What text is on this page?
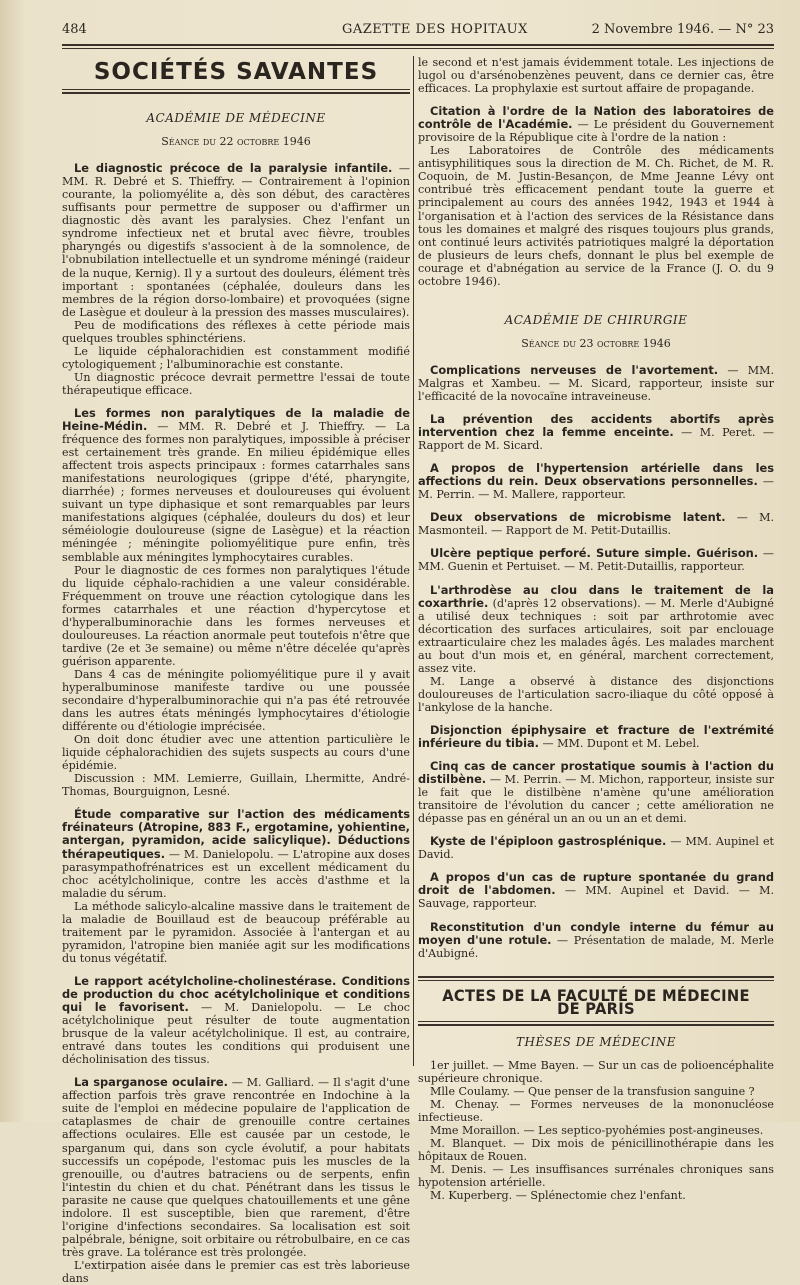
484	GAZETTE DES HOPITAUX	2 Novembre 1946. — N° 23
SOCIÉTÉS SAVANTES
ACADÉMIE DE MÉDECINE
Séance du 22 octobre 1946

Le diagnostic précoce de la paralysie infantile. — MM. R. Debré et S. Thieffry. — Contrairement à l'opinion courante, la poliomyélite a, dès son début, des caractères suffisants pour permettre de supposer ou d'affirmer un diagnostic dès avant les paralysies. Chez l'enfant un syndrome infectieux net et brutal avec fièvre, troubles pharyngés ou digestifs s'associent à de la somnolence, de l'obnubilation intellectuelle et un syndrome méningé (raideur de la nuque, Kernig). Il y a surtout des douleurs, élément très important : spontanées (céphalée, douleurs dans les membres de la région dorso-lombaire) et provoquées (signe de Lasègue et douleur à la pression des masses musculaires).

Peu de modifications des réflexes à cette période mais quelques troubles sphinctériens.

Le liquide céphalorachidien est constamment modifié cytologiquement ; l'albuminorachie est constante.

Un diagnostic précoce devrait permettre l'essai de toute thérapeutique efficace.

Les formes non paralytiques de la maladie de Heine-Médin. — MM. R. Debré et J. Thieffry. — La fréquence des formes non paralytiques, impossible à préciser est certainement très grande. En milieu épidémique elles affectent trois aspects principaux : formes catarrhales sans manifestations neurologiques (grippe d'été, pharyngite, diarrhée) ; formes nerveuses et douloureuses qui évoluent suivant un type diphasique et sont remarquables par leurs manifestations algiques (céphalée, douleurs du dos) et leur séméiologie douloureuse (signe de Lasègue) et la réaction méningée ; méningite poliomyélitique pure enfin, très semblable aux méningites lymphocytaires curables.

Pour le diagnostic de ces formes non paralytiques l'étude du liquide céphalo-rachidien a une valeur considérable. Fréquemment on trouve une réaction cytologique dans les formes catarrhales et une réaction d'hypercytose et d'hyperalbuminorachie dans les formes nerveuses et douloureuses. La réaction anormale peut toutefois n'être que tardive (2e et 3e semaine) ou même n'être décelée qu'après guérison apparente.

Dans 4 cas de méningite poliomyélitique pure il y avait hyperalbuminose manifeste tardive ou une poussée secondaire d'hyperalbuminorachie qui n'a pas été retrouvée dans les autres états méningés lymphocytaires d'étiologie différente ou d'étiologie imprécisée.

On doit donc étudier avec une attention particulière le liquide céphalorachidien des sujets suspects au cours d'une épidémie.

Discussion : MM. Lemierre, Guillain, Lhermitte, André-Thomas, Bourguignon, Lesné.

Étude comparative sur l'action des médicaments fréinateurs (Atropine, 883 F., ergotamine, yohientine, antergan, pyramidon, acide salicylique). Déductions thérapeutiques. — M. Danielopolu. — L'atropine aux doses parasympathofrénatrices est un excellent médicament du choc acétylcholinique, contre les accès d'asthme et la maladie du sérum.

La méthode salicylo-alcaline massive dans le traitement de la maladie de Bouillaud est de beaucoup préférable au traitement par le pyramidon. Associée à l'antergan et au pyramidon, l'atropine bien maniée agit sur les modifications du tonus végétatif.

Le rapport acétylcholine-cholinestérase. Conditions de production du choc acétylcholinique et conditions qui le favorisent. — M. Danielopolu. — Le choc acétylcholinique peut résulter de toute augmentation brusque de la valeur acétylcholinique. Il est, au contraire, entravé dans toutes les conditions qui produisent une décholinisation des tissus.

La sparganose oculaire. — M. Galliard. — Il s'agit d'une affection parfois très grave rencontrée en Indochine à la suite de l'emploi en médecine populaire de l'application de cataplasmes de chair de grenouille contre certaines affections oculaires. Elle est causée par un cestode, le sparganum qui, dans son cycle évolutif, a pour habitats successifs un copépode, l'estomac puis les muscles de la grenouille, ou d'autres batraciens ou de serpents, enfin l'intestin du chien et du chat. Pénétrant dans les tissus le parasite ne cause que quelques chatouillements et une gêne indolore. Il est susceptible, bien que rarement, d'être l'origine d'infections secondaires. Sa localisation est soit palpébrale, bénigne, soit orbitaire ou rétrobulbaire, en ce cas très grave. La tolérance est très prolongée.

L'extirpation aisée dans le premier cas est très laborieuse dans

le second et n'est jamais évidemment totale. Les injections de lugol ou d'arsénobenzènes peuvent, dans ce dernier cas, être efficaces. La prophylaxie est surtout affaire de propagande.

Citation à l'ordre de la Nation des laboratoires de contrôle de l'Académie. — Le président du Gouvernement provisoire de la République cite à l'ordre de la nation :

Les Laboratoires de Contrôle des médicaments antisyphilitiques sous la direction de M. Ch. Richet, de M. R. Coquoin, de M. Justin-Besançon, de Mme Jeanne Lévy ont contribué très efficacement pendant toute la guerre et principalement au cours des années 1942, 1943 et 1944 à l'organisation et à l'action des services de la Résistance dans tous les domaines et malgré des risques toujours plus grands, ont continué leurs activités patriotiques malgré la déportation de plusieurs de leurs chefs, donnant le plus bel exemple de courage et d'abnégation au service de la France (J. O. du 9 octobre 1946).

ACADÉMIE DE CHIRURGIE
Séance du 23 octobre 1946

Complications nerveuses de l'avortement. — MM. Malgras et Xambeu. — M. Sicard, rapporteur, insiste sur l'efficacité de la novocaïne intraveineuse.

La prévention des accidents abortifs après intervention chez la femme enceinte. — M. Peret. — Rapport de M. Sicard.

A propos de l'hypertension artérielle dans les affections du rein. Deux observations personnelles. — M. Perrin. — M. Mallere, rapporteur.

Deux observations de microbisme latent. — M. Masmonteil. — Rapport de M. Petit-Dutaillis.

Ulcère peptique perforé. Suture simple. Guérison. — MM. Guenin et Pertuiset. — M. Petit-Dutaillis, rapporteur.

L'arthrodèse au clou dans le traitement de la coxarthrie. (d'après 12 observations). — M. Merle d'Aubigné a utilisé deux techniques : soit par arthrotomie avec décortication des surfaces articulaires, soit par enclouage extraarticulaire chez les malades âgés. Les malades marchent au bout d'un mois et, en général, marchent correctement, assez vite.

M. Lange a observé à distance des disjonctions douloureuses de l'articulation sacro-iliaque du côté opposé à l'ankylose de la hanche.

Disjonction épiphysaire et fracture de l'extrémité inférieure du tibia. — MM. Dupont et M. Lebel.

Cinq cas de cancer prostatique soumis à l'action du distilbène. — M. Perrin. — M. Michon, rapporteur, insiste sur le fait que le distilbène n'amène qu'une amélioration transitoire de l'évolution du cancer ; cette amélioration ne dépasse pas en général un an ou un an et demi.

Kyste de l'épiploon gastrosplénique. — MM. Aupinel et David.

A propos d'un cas de rupture spontanée du grand droit de l'abdomen. — MM. Aupinel et David. — M. Sauvage, rapporteur.

Reconstitution d'un condyle interne du fémur au moyen d'une rotule. — Présentation de malade, M. Merle d'Aubigné.

ACTES DE LA FACULTÉ DE MÉDECINE DE PARIS
THÈSES DE MÉDECINE

1er juillet. — Mme Bayen. — Sur un cas de polioencéphalite supérieure chronique.

Mlle Coulamy. — Que penser de la transfusion sanguine ?

M. Chenay. — Formes nerveuses de la mononucléose infectieuse.

Mme Moraillon. — Les septico-pyohémies post-angineuses.

M. Blanquet. — Dix mois de pénicillinothérapie dans les hôpitaux de Rouen.

M. Denis. — Les insuffisances surrénales chroniques sans hypotension artérielle.

M. Kuperberg. — Splénectomie chez l'enfant.
